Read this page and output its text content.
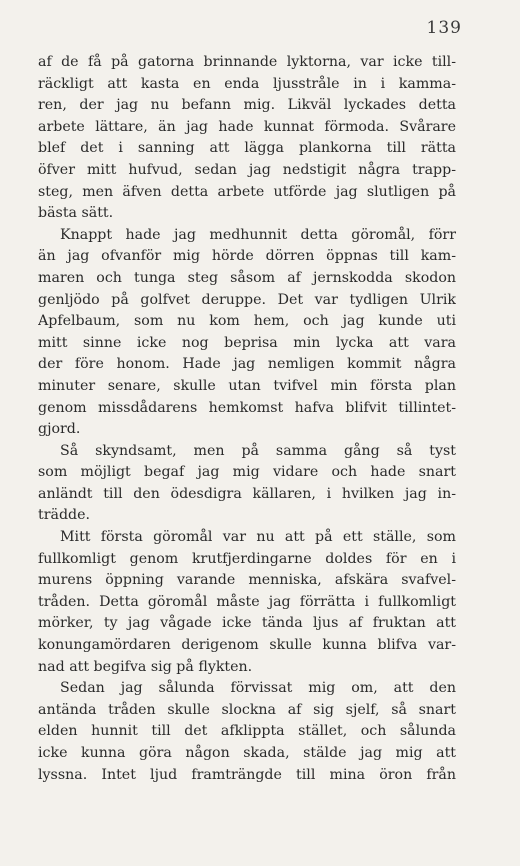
139
af de få på gatorna brinnande lyktorna, var icke till-
räckligt att kasta en enda ljusstråle in i kamma-
ren, der jag nu befann mig. Likväl lyckades detta
arbete lättare, än jag hade kunnat förmoda. Svårare
blef det i sanning att lägga plankorna till rätta
öfver mitt hufvud, sedan jag nedstigit några trapp-
steg, men äfven detta arbete utförde jag slutligen på
bästa sätt.
Knappt hade jag medhunnit detta göromål, förr
än jag ofvanför mig hörde dörren öppnas till kam-
maren och tunga steg såsom af jernskodda skodon
genljödo på golfvet deruppe. Det var tydligen Ulrik
Apfelbaum, som nu kom hem, och jag kunde uti
mitt sinne icke nog beprisa min lycka att vara
der före honom. Hade jag nemligen kommit några
minuter senare, skulle utan tvifvel min första plan
genom missdådarens hemkomst hafva blifvit tillintet-
gjord.
Så skyndsamt, men på samma gång så tyst
som möjligt begaf jag mig vidare och hade snart
anländt till den ödesdigra källaren, i hvilken jag in-
trädde.
Mitt första göromål var nu att på ett ställe, som
fullkomligt genom krutfjerdingarne doldes för en i
murens öppning varande menniska, afskära svafvel-
tråden. Detta göromål måste jag förrätta i fullkomligt
mörker, ty jag vågade icke tända ljus af fruktan att
konungamördaren derigenom skulle kunna blifva var-
nad att begifva sig på flykten.
Sedan jag sålunda förvissat mig om, att den
antända tråden skulle slockna af sig sjelf, så snart
elden hunnit till det afklippta stället, och sålunda
icke kunna göra någon skada, stälde jag mig att
lyssna. Intet ljud framträngde till mina öron från
